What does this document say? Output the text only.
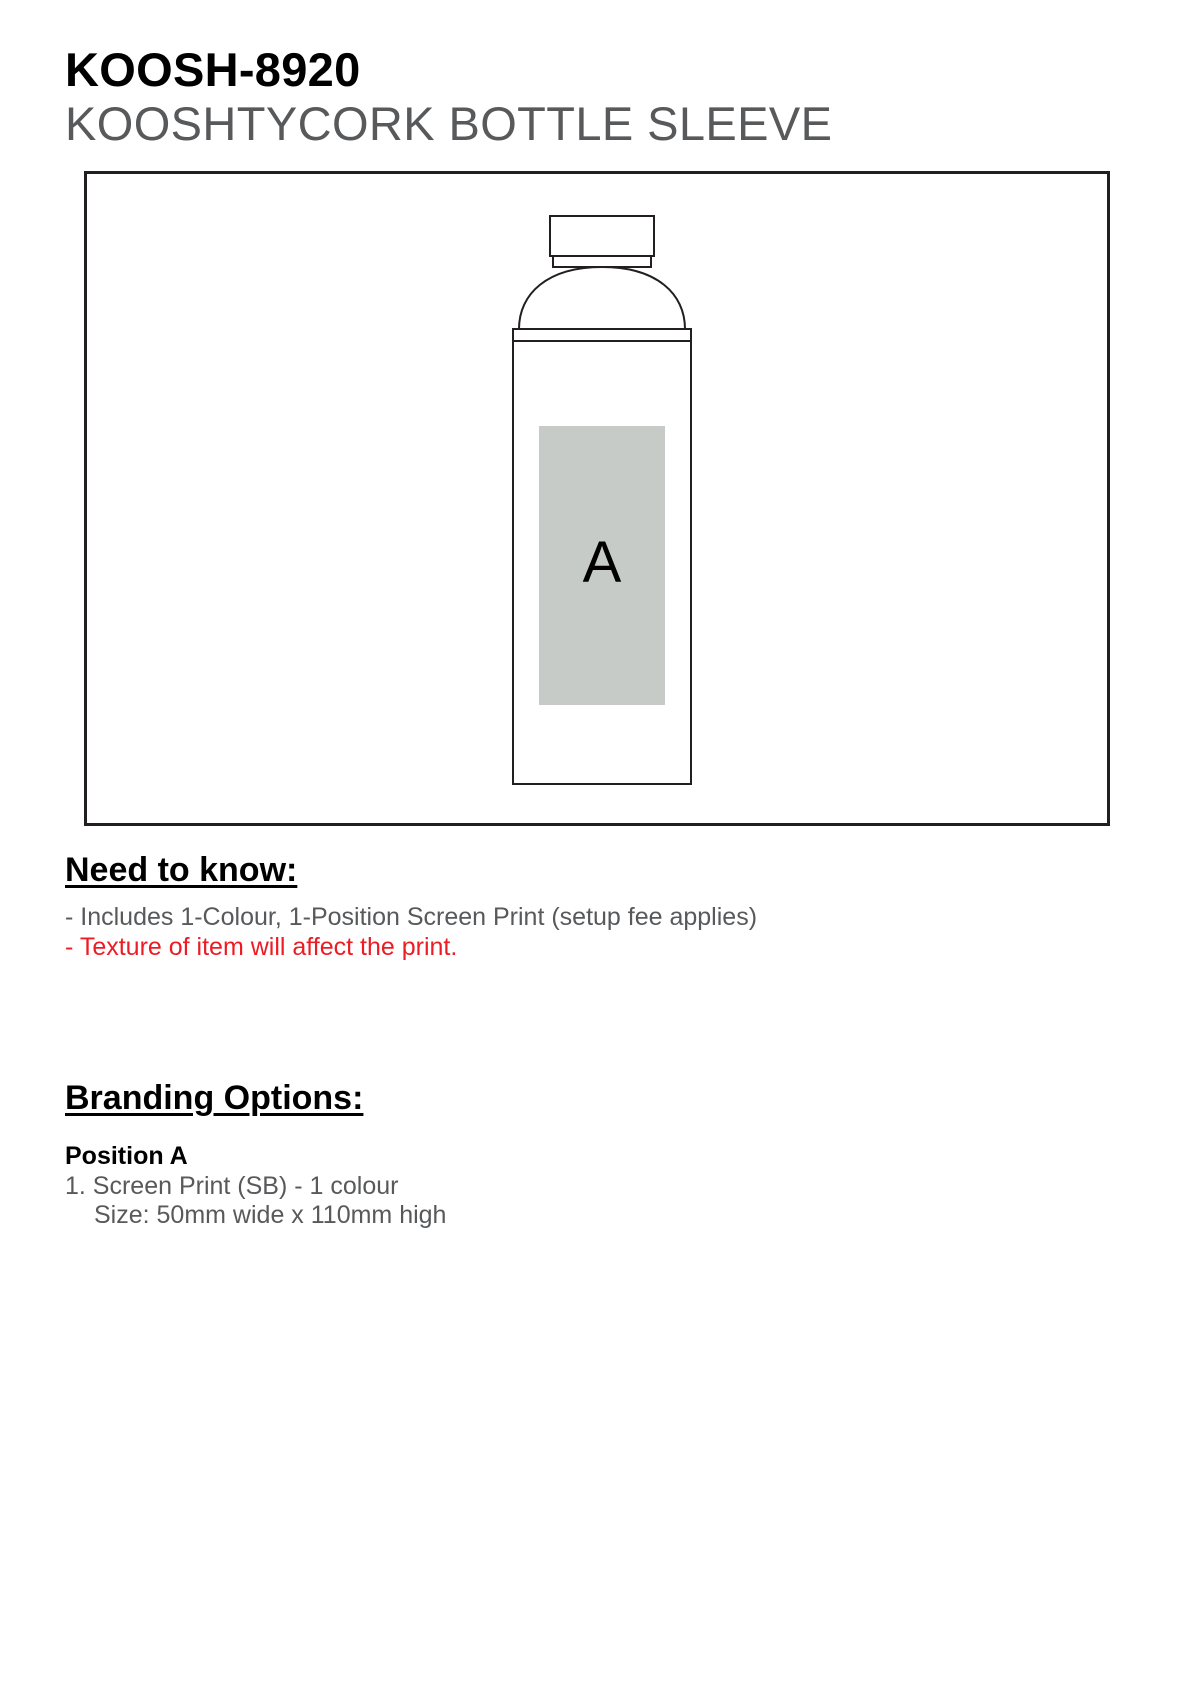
KOOSH-8920
KOOSHTYCORK BOTTLE SLEEVE
A
Need to know:
- Includes 1-Colour, 1-Position Screen Print (setup fee applies)
- Texture of item will affect the print.
Branding Options:

Position A

1. Screen Print (SB) - 1 colour

Size: 50mm wide x 110mm high
